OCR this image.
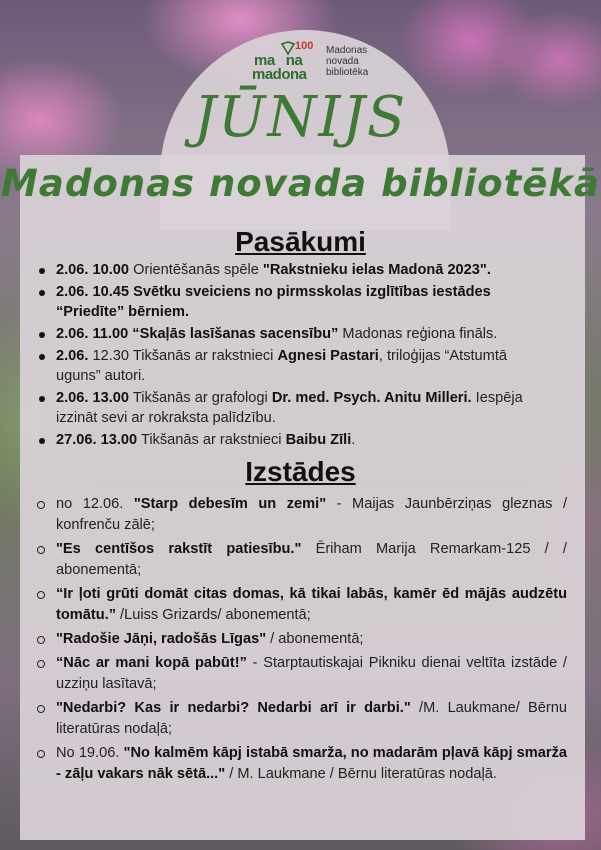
100
ma na
madona
Madonas
novada
bibliotēka
JŪNIJS
Madonas novada bibliotēkā
Pasākumi
2.06. 10.00 Orientēšanās spēle "Rakstnieku ielas Madonā 2023".
2.06. 10.45 Svētku sveiciens no pirmsskolas izglītības iestādes “Priedīte” bērniem.
2.06. 11.00 “Skaļās lasīšanas sacensību” Madonas reģiona fināls.
2.06. 12.30 Tikšanās ar rakstnieci Agnesi Pastari, triloģijas “Atstumtā uguns” autori.
2.06. 13.00 Tikšanās ar grafologi Dr. med. Psych. Anitu Milleri. Iespēja izzināt sevi ar rokraksta palīdzību.
27.06. 13.00 Tikšanās ar rakstnieci Baibu Zīli.
Izstādes
no 12.06. "Starp debesīm un zemi" - Maijas Jaunbērziņas gleznas / konfrenču zālē;
"Es centīšos rakstīt patiesību." Ēriham Marija Remarkam-125 / / abonementā;
“Ir ļoti grūti domāt citas domas, kā tikai labās, kamēr ēd mājās audzētu tomātu.” /Luiss Grizards/ abonementā;
"Radošie Jāņi, radošās Līgas" / abonementā;
“Nāc ar mani kopā pabūt!” - Starptautiskajai Pikniku dienai veltīta izstāde / uzziņu lasītavā;
"Nedarbi? Kas ir nedarbi? Nedarbi arī ir darbi." /M. Laukmane/ Bērnu literatūras nodaļā;
No 19.06. "No kalmēm kāpj istabā smarža, no madarām pļavā kāpj smarža - zāļu vakars nāk sētā..." / M. Laukmane / Bērnu literatūras nodaļā.
